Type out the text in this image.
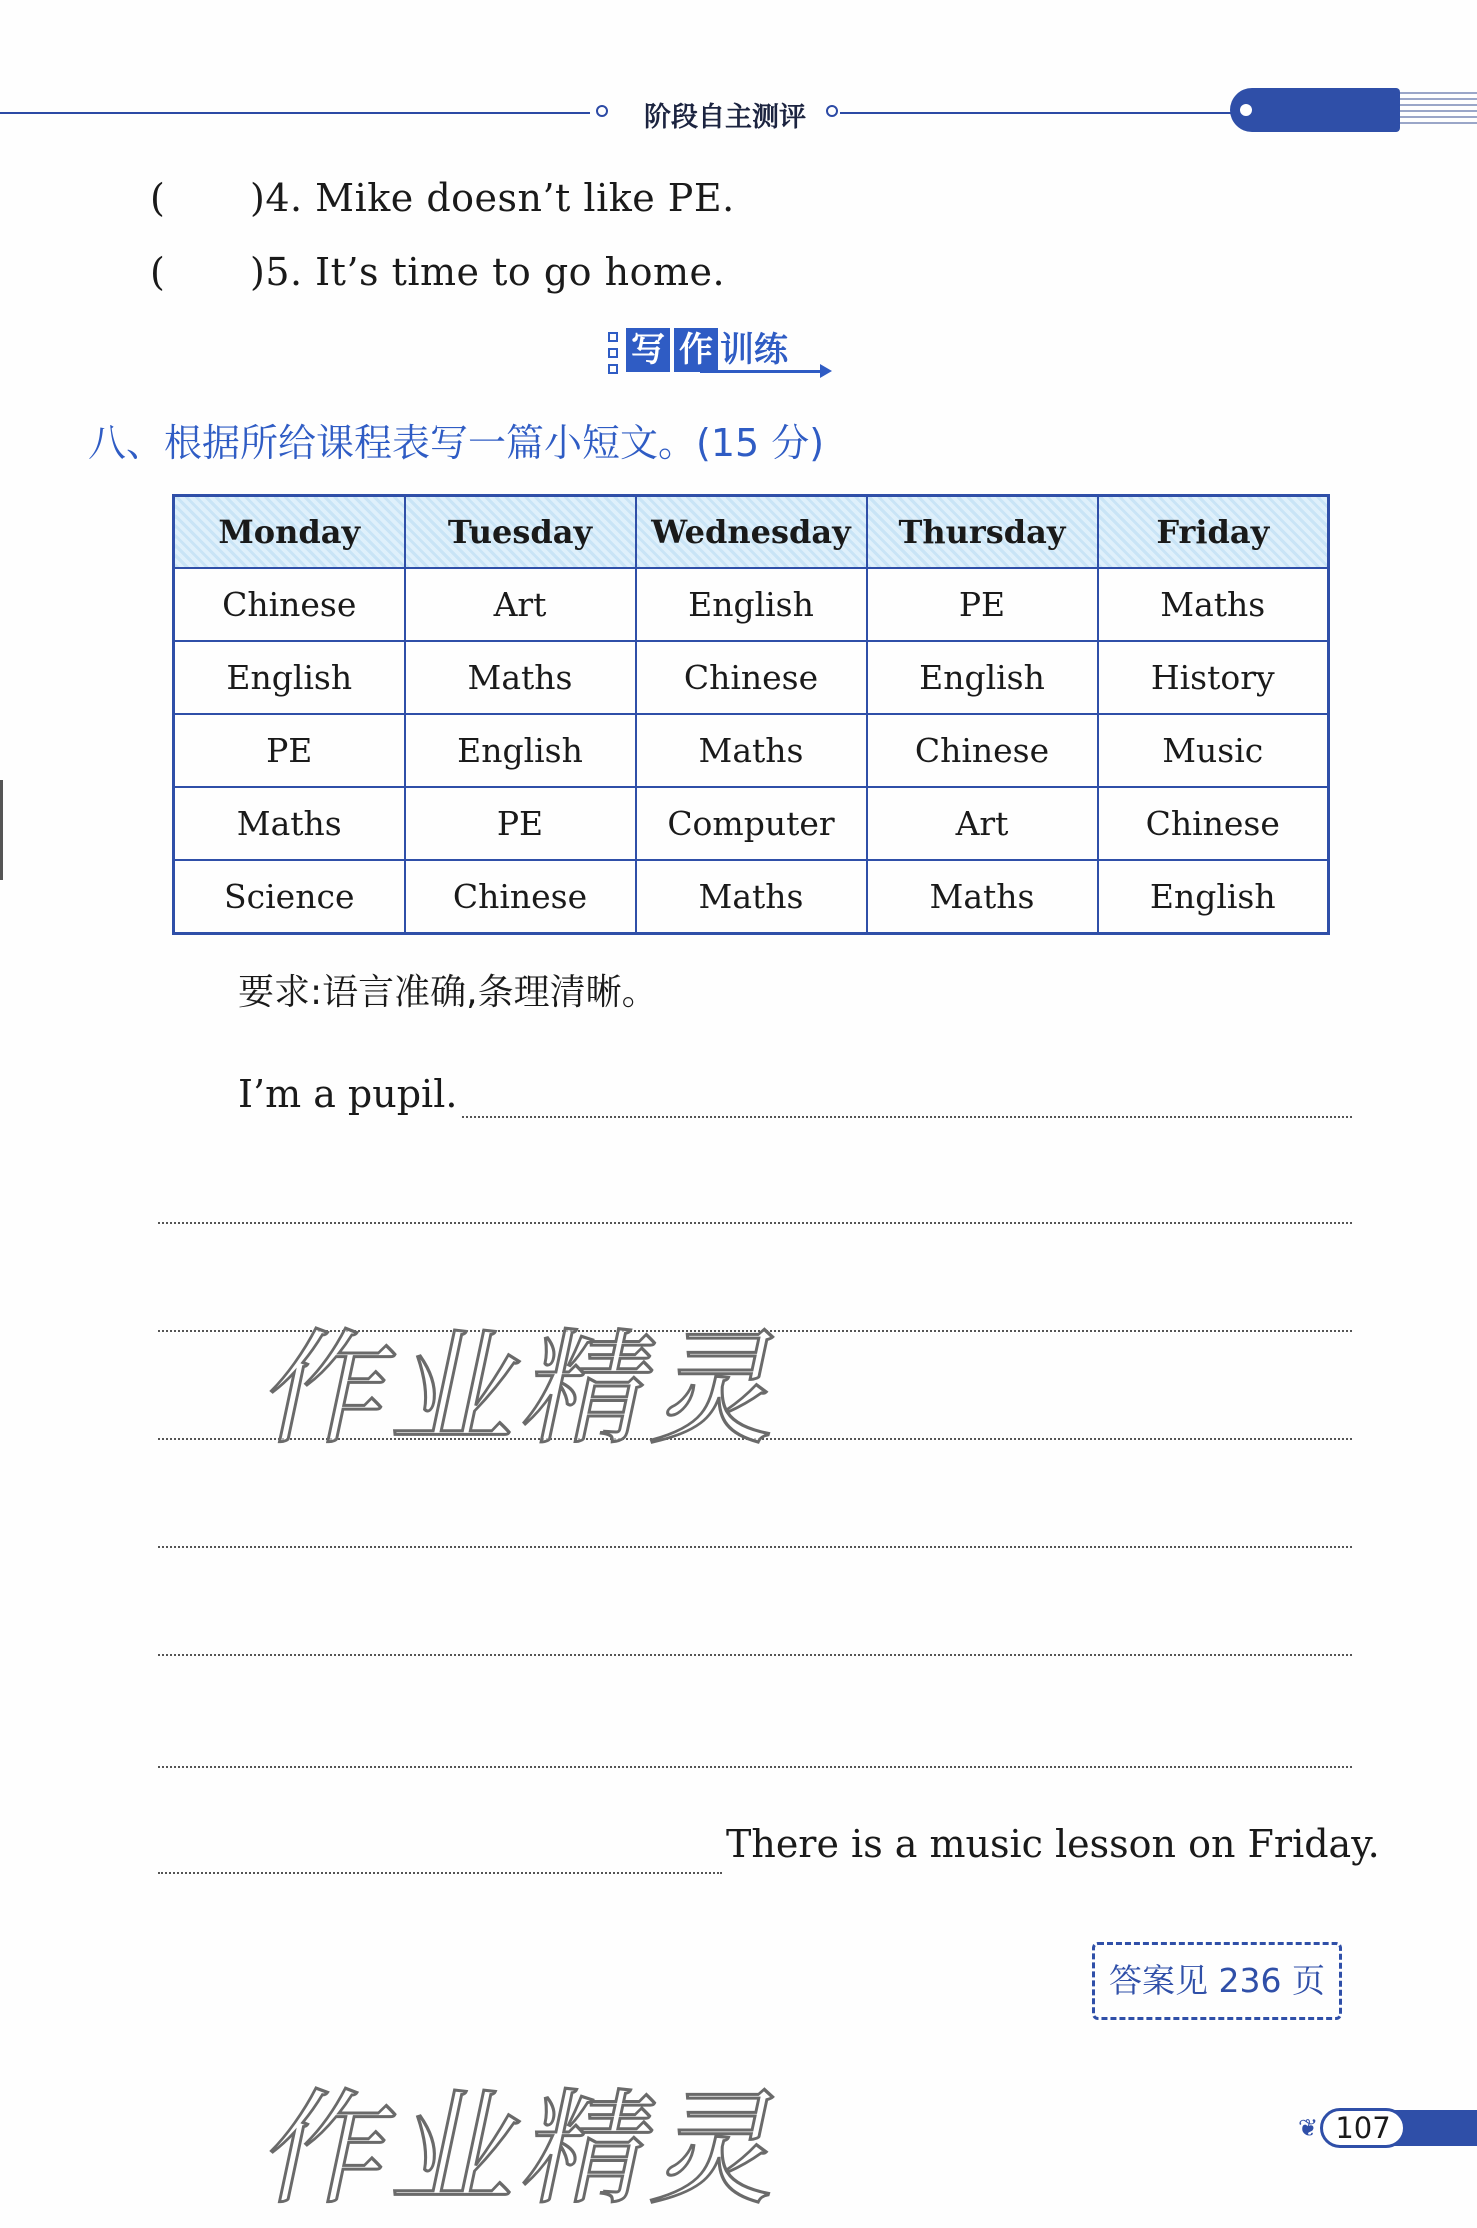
阶段自主测评
( )4. Mike doesn’t like PE.
( )5. It’s time to go home.
写 作 训练
八、根据所给课程表写一篇小短文。(15 分)
Monday	Tuesday	Wednesday	Thursday	Friday
Chinese	Art	English	PE	Maths
English	Maths	Chinese	English	History
PE	English	Maths	Chinese	Music
Maths	PE	Computer	Art	Chinese
Science	Chinese	Maths	Maths	English
要求:语言准确,条理清晰。
I’m a pupil.
There is a music lesson on Friday.
答案见 236 页
❦ 107
作业精灵
作业精灵
